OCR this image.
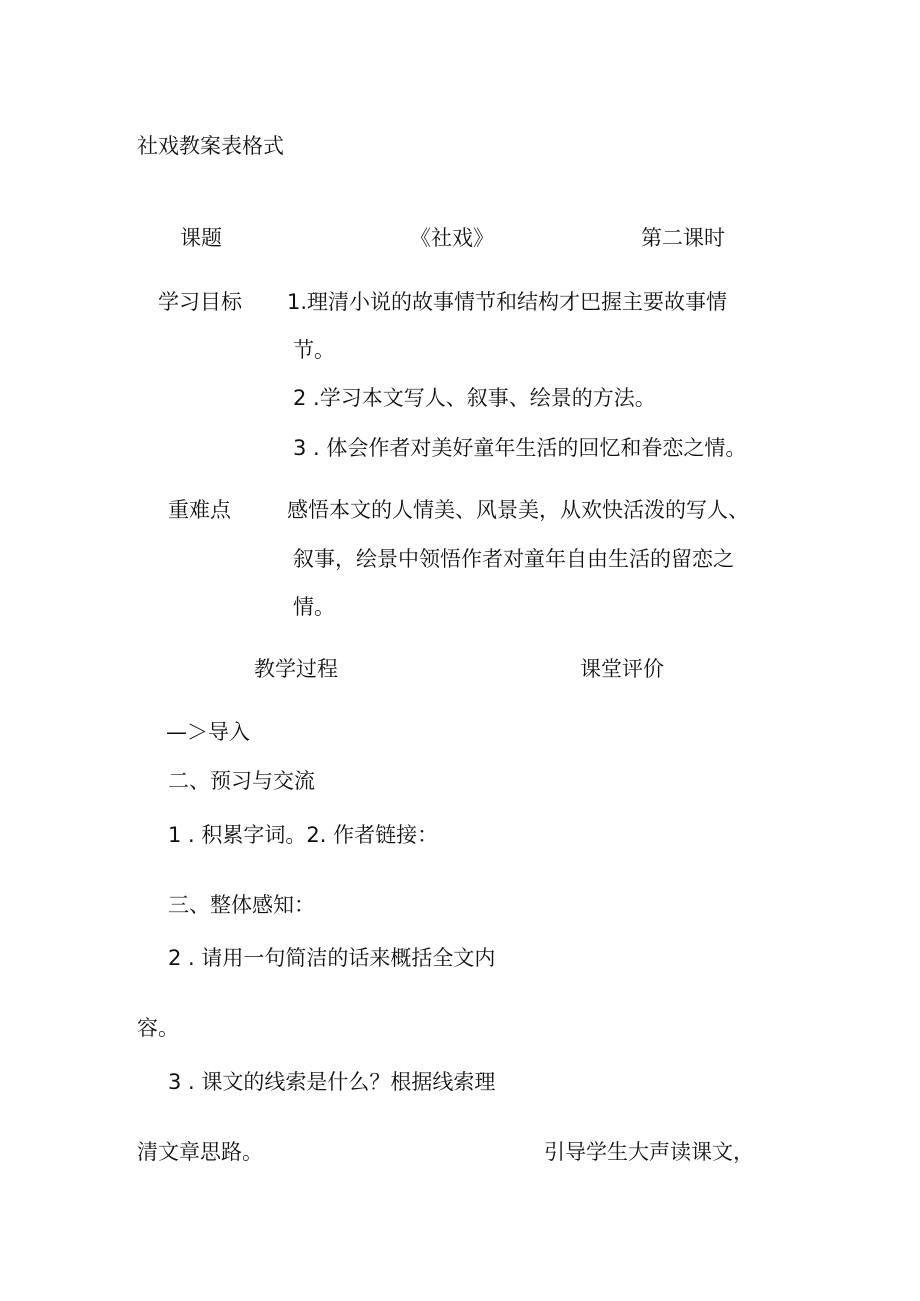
社戏教案表格式

课题	《社戏》	第二课时

学习目标 1.理清小说的故事情节和结构才巴握主要故事情

节。

2 .学习本文写人、叙事、绘景的方法。

3 . 体会作者对美好童年生活的回忆和眷恋之情。

重难点	感悟本文的人情美、风景美，从欢快活泼的写人、

叙事，绘景中领悟作者对童年自由生活的留恋之

情。

教学过程	课堂评价

—＞导入

二、预习与交流

1 . 积累字词。2. 作者链接：

三、整体感知：

2 . 请用一句简洁的话来概括全文内

容。

3 . 课文的线索是什么？根据线索理

清文章思路。	引导学生大声读课文，
